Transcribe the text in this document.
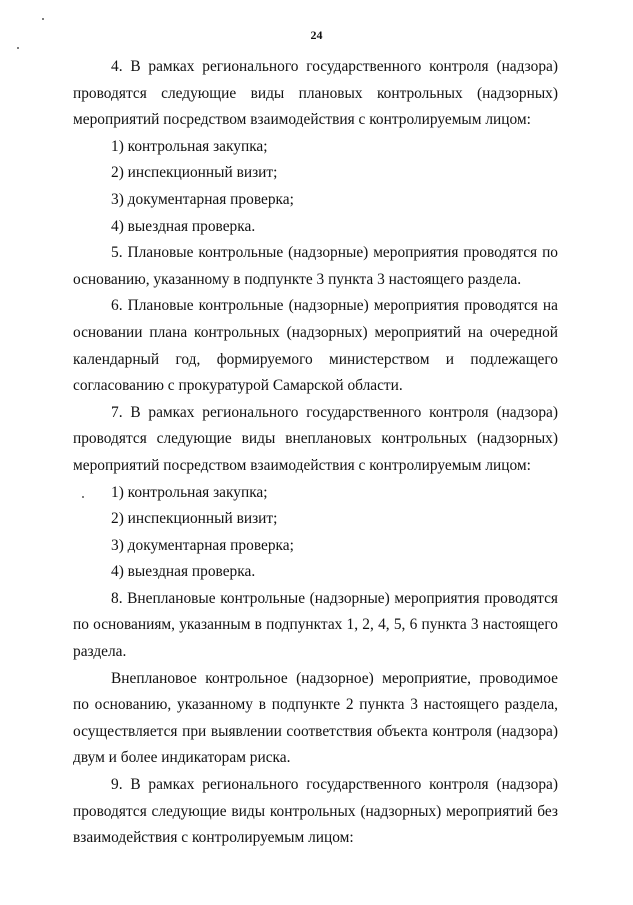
24

4. В рамках регионального государственного контроля (надзора) проводятся следующие виды плановых контрольных (надзорных) мероприятий посредством взаимодействия с контролируемым лицом:

1) контрольная закупка;

2) инспекционный визит;

3) документарная проверка;

4) выездная проверка.

5. Плановые контрольные (надзорные) мероприятия проводятся по основанию, указанному в подпункте 3 пункта 3 настоящего раздела.

6. Плановые контрольные (надзорные) мероприятия проводятся на основании плана контрольных (надзорных) мероприятий на очередной календарный год, формируемого министерством и подлежащего согласованию с прокуратурой Самарской области.

7. В рамках регионального государственного контроля (надзора) проводятся следующие виды внеплановых контрольных (надзорных) мероприятий посредством взаимодействия с контролируемым лицом:

1) контрольная закупка;

2) инспекционный визит;

3) документарная проверка;

4) выездная проверка.

8. Внеплановые контрольные (надзорные) мероприятия проводятся по основаниям, указанным в подпунктах 1, 2, 4, 5, 6 пункта 3 настоящего раздела.

Внеплановое контрольное (надзорное) мероприятие, проводимое по основанию, указанному в подпункте 2 пункта 3 настоящего раздела, осуществляется при выявлении соответствия объекта контроля (надзора) двум и более индикаторам риска.

9. В рамках регионального государственного контроля (надзора) проводятся следующие виды контрольных (надзорных) мероприятий без взаимодействия с контролируемым лицом:
